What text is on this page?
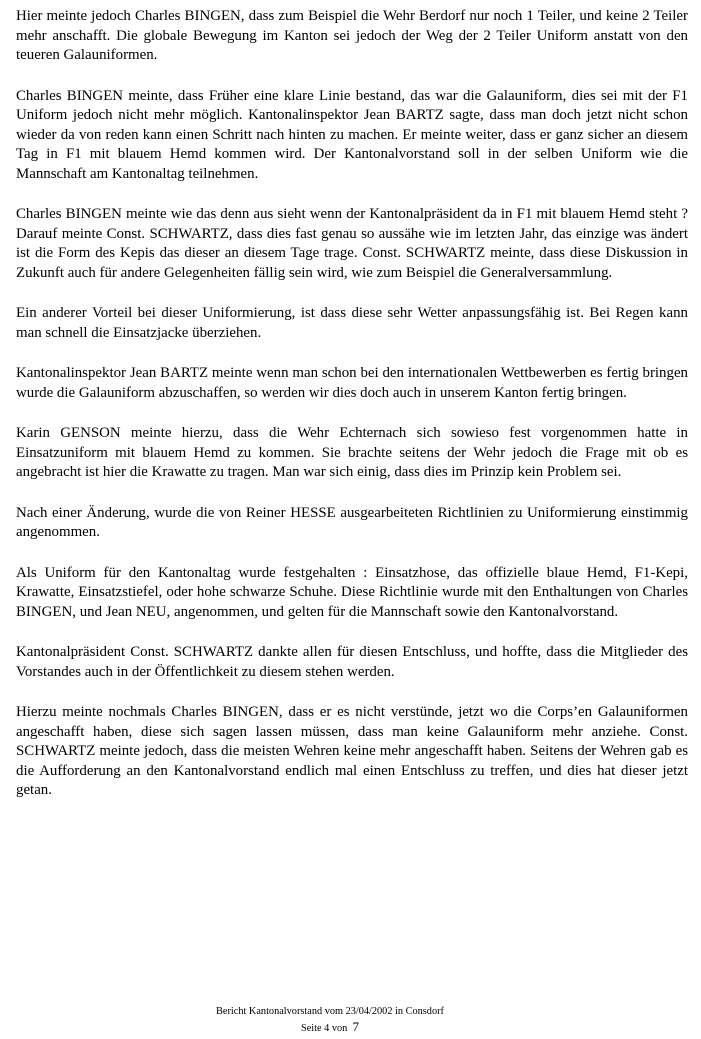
Hier meinte jedoch Charles BINGEN, dass zum Beispiel die Wehr Berdorf nur noch 1 Teiler, und keine 2 Teiler mehr anschafft. Die globale Bewegung im Kanton sei jedoch der Weg der 2 Teiler Uniform anstatt von den teueren Galauniformen.

Charles BINGEN meinte, dass Früher eine klare Linie bestand, das war die Galauniform, dies sei mit der F1 Uniform jedoch nicht mehr möglich. Kantonalinspektor Jean BARTZ sagte, dass man doch jetzt nicht schon wieder da von reden kann einen Schritt nach hinten zu machen. Er meinte weiter, dass er ganz sicher an diesem Tag in F1 mit blauem Hemd kommen wird. Der Kantonalvorstand soll in der selben Uniform wie die Mannschaft am Kantonaltag teilnehmen.

Charles BINGEN meinte wie das denn aus sieht wenn der Kantonalpräsident da in F1 mit blauem Hemd steht ? Darauf meinte Const. SCHWARTZ, dass dies fast genau so aussähe wie im letzten Jahr, das einzige was ändert ist die Form des Kepis das dieser an diesem Tage trage. Const. SCHWARTZ meinte, dass diese Diskussion in Zukunft auch für andere Gelegenheiten fällig sein wird, wie zum Beispiel die Generalversammlung.

Ein anderer Vorteil bei dieser Uniformierung, ist dass diese sehr Wetter anpassungsfähig ist. Bei Regen kann man schnell die Einsatzjacke überziehen.

Kantonalinspektor Jean BARTZ meinte wenn man schon bei den internationalen Wettbewerben es fertig bringen wurde die Galauniform abzuschaffen, so werden wir dies doch auch in unserem Kanton fertig bringen.

Karin GENSON meinte hierzu, dass die Wehr Echternach sich sowieso fest vorgenommen hatte in Einsatzuniform mit blauem Hemd zu kommen. Sie brachte seitens der Wehr jedoch die Frage mit ob es angebracht ist hier die Krawatte zu tragen. Man war sich einig, dass dies im Prinzip kein Problem sei.

Nach einer Änderung, wurde die von Reiner HESSE ausgearbeiteten Richtlinien zu Uniformierung einstimmig angenommen.

Als Uniform für den Kantonaltag wurde festgehalten : Einsatzhose, das offizielle blaue Hemd, F1-Kepi, Krawatte, Einsatzstiefel, oder hohe schwarze Schuhe. Diese Richtlinie wurde mit den Enthaltungen von Charles BINGEN, und Jean NEU, angenommen, und gelten für die Mannschaft sowie den Kantonalvorstand.

Kantonalpräsident Const. SCHWARTZ dankte allen für diesen Entschluss, und hoffte, dass die Mitglieder des Vorstandes auch in der Öffentlichkeit zu diesem stehen werden.

Hierzu meinte nochmals Charles BINGEN, dass er es nicht verstünde, jetzt wo die Corps’en Galauniformen angeschafft haben, diese sich sagen lassen müssen, dass man keine Galauniform mehr anziehe. Const. SCHWARTZ meinte jedoch, dass die meisten Wehren keine mehr angeschafft haben. Seitens der Wehren gab es die Aufforderung an den Kantonalvorstand endlich mal einen Entschluss zu treffen, und dies hat dieser jetzt getan.

Bericht Kantonalvorstand vom 23/04/2002 in Consdorf
Seite 4 von 7
